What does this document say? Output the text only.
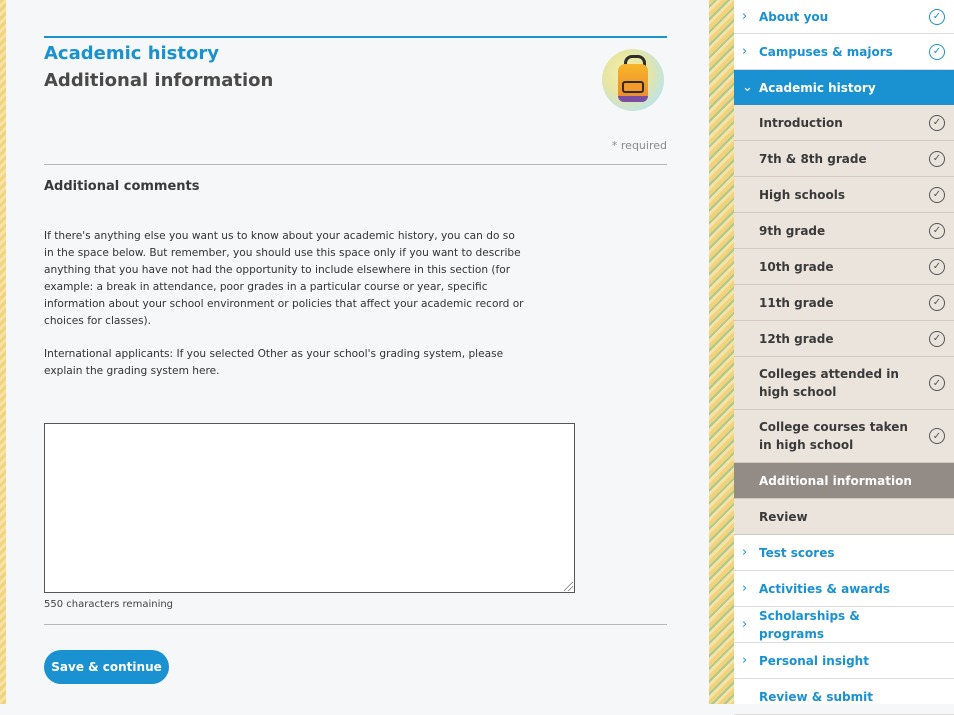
Academic history
Additional information
* required
Additional comments
If there's anything else you want us to know about your academic history, you can do so in the space below. But remember, you should use this space only if you want to describe anything that you have not had the opportunity to include elsewhere in this section (for example: a break in attendance, poor grades in a particular course or year, specific information about your school environment or policies that affect your academic record or choices for classes).
International applicants: If you selected Other as your school's grading system, please explain the grading system here.
550 characters remaining
Save & continue
› About you	✓
› Campuses & majors	✓
⌄ Academic history
Introduction	✓
7th & 8th grade	✓
High schools	✓
9th grade	✓
10th grade	✓
11th grade	✓
12th grade	✓
Colleges attended in high school
✓
College courses taken in high school
✓
Additional information
Review
› Test scores
› Activities & awards
›
Scholarships & programs
› Personal insight
Review & submit
